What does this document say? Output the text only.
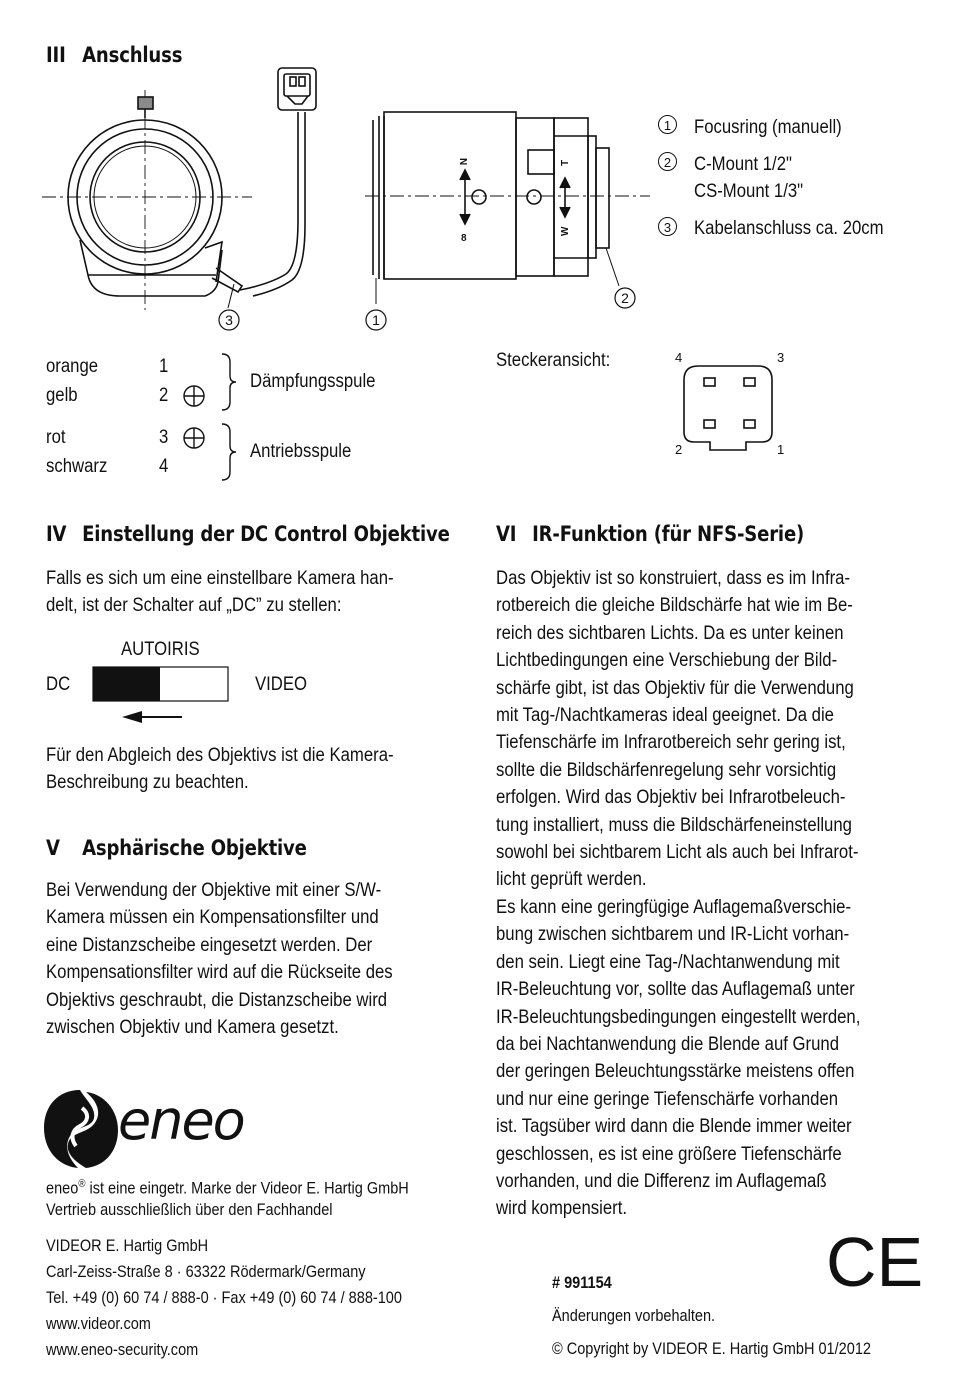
III Anschluss
N
8
T
W
3	1
2
1	Focusring (manuell)
2	C-Mount 1/2"
CS-Mount 1/3"
3	Kabelanschluss ca. 20cm
orange	1
gelb	2
rot	3
schwarz	4
Dämpfungsspule
Antriebsspule
Steckeransicht:	4	3
2	1
IV Einstellung der DC Control Objektive
Falls es sich um eine einstellbare Kamera han-
delt, ist der Schalter auf „DC” zu stellen:
AUTOIRIS
DC	VIDEO
Für den Abgleich des Objektivs ist die Kamera-
Beschreibung zu beachten.
V Asphärische Objektive
Bei Verwendung der Objektive mit einer S/W-
Kamera müssen ein Kompensationsfilter und
eine Distanzscheibe eingesetzt werden. Der
Kompensationsfilter wird auf die Rückseite des
Objektivs geschraubt, die Distanzscheibe wird
zwischen Objektiv und Kamera gesetzt.
VI IR-Funktion (für NFS-Serie)
Das Objektiv ist so konstruiert, dass es im Infra-
rotbereich die gleiche Bildschärfe hat wie im Be-
reich des sichtbaren Lichts. Da es unter keinen
Lichtbedingungen eine Verschiebung der Bild-
schärfe gibt, ist das Objektiv für die Verwendung
mit Tag-/Nachtkameras ideal geeignet. Da die
Tiefenschärfe im Infrarotbereich sehr gering ist,
sollte die Bildschärfenregelung sehr vorsichtig
erfolgen. Wird das Objektiv bei Infrarotbeleuch-
tung installiert, muss die Bildschärfeneinstellung
sowohl bei sichtbarem Licht als auch bei Infrarot-
licht geprüft werden.
Es kann eine geringfügige Auflagemaßverschie-
bung zwischen sichtbarem und IR-Licht vorhan-
den sein. Liegt eine Tag-/Nachtanwendung mit
IR-Beleuchtung vor, sollte das Auflagemaß unter
IR-Beleuchtungsbedingungen eingestellt werden,
da bei Nachtanwendung die Blende auf Grund
der geringen Beleuchtungsstärke meistens offen
und nur eine geringe Tiefenschärfe vorhanden
ist. Tagsüber wird dann die Blende immer weiter
geschlossen, es ist eine größere Tiefenschärfe
vorhanden, und die Differenz im Auflagemaß
wird kompensiert.
eneo
eneo® ist eine eingetr. Marke der Videor E. Hartig GmbH
Vertrieb ausschließlich über den Fachhandel
VIDEOR E. Hartig GmbH
Carl-Zeiss-Straße 8 · 63322 Rödermark/Germany
Tel. +49 (0) 60 74 / 888-0 · Fax +49 (0) 60 74 / 888-100
www.videor.com
www.eneo-security.com
CE
# 991154
Änderungen vorbehalten.
© Copyright by VIDEOR E. Hartig GmbH 01/2012
